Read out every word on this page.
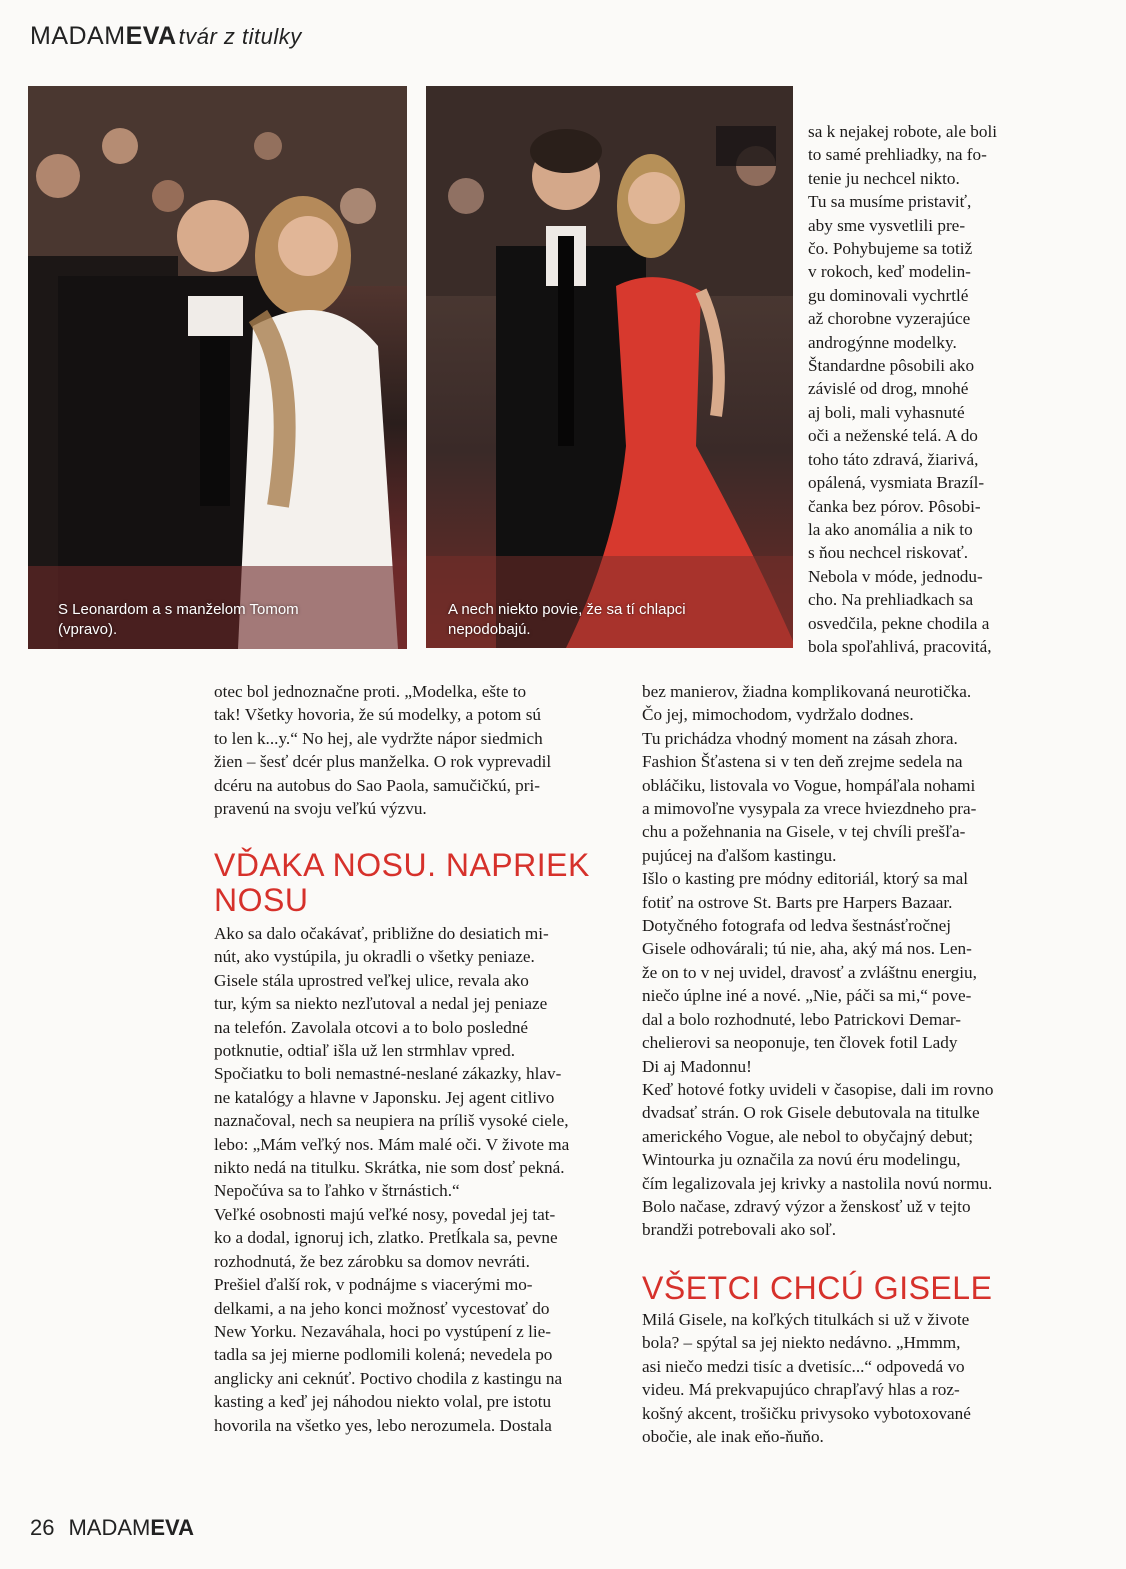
MADAMEVAtvár z titulky
S Leonardom a s manželom Tomom
(vpravo).
A nech niekto povie, že sa tí chlapci
nepodobajú.
sa k nejakej robote, ale boli
to samé prehliadky, na fo-
tenie ju nechcel nikto.
Tu sa musíme pristaviť,
aby sme vysvetlili pre-
čo. Pohybujeme sa totiž
v rokoch, keď modelin-
gu dominovali vychrtlé
až chorobne vyzerajúce
androgýnne modelky.
Štandardne pôsobili ako
závislé od drog, mnohé
aj boli, mali vyhasnuté
oči a neženské telá. A do
toho táto zdravá, žiarivá,
opálená, vysmiata Brazíl-
čanka bez pórov. Pôsobi-
la ako anomália a nik to
s ňou nechcel riskovať.
Nebola v móde, jednodu-
cho. Na prehliadkach sa
osvedčila, pekne chodila a
bola spoľahlivá, pracovitá,
otec bol jednoznačne proti. „Modelka, ešte to
tak! Všetky hovoria, že sú modelky, a potom sú
to len k...y.“ No hej, ale vydržte nápor siedmich
žien – šesť dcér plus manželka. O rok vyprevadil
dcéru na autobus do Sao Paola, samučičkú, pri-
pravenú na svoju veľkú výzvu.
VĎAKA NOSU. NAPRIEK
NOSU
Ako sa dalo očakávať, približne do desiatich mi-
nút, ako vystúpila, ju okradli o všetky peniaze.
Gisele stála uprostred veľkej ulice, revala ako
tur, kým sa niekto nezľutoval a nedal jej peniaze
na telefón. Zavolala otcovi a to bolo posledné
potknutie, odtiaľ išla už len strmhlav vpred.
Spočiatku to boli nemastné-neslané zákazky, hlav-
ne katalógy a hlavne v Japonsku. Jej agent citlivo
naznačoval, nech sa neupiera na príliš vysoké ciele,
lebo: „Mám veľký nos. Mám malé oči. V živote ma
nikto nedá na titulku. Skrátka, nie som dosť pekná.
Nepočúva sa to ľahko v štrnástich.“
Veľké osobnosti majú veľké nosy, povedal jej tat-
ko a dodal, ignoruj ich, zlatko. Pretĺkala sa, pevne
rozhodnutá, že bez zárobku sa domov nevráti.
Prešiel ďalší rok, v podnájme s viacerými mo-
delkami, a na jeho konci možnosť vycestovať do
New Yorku. Nezaváhala, hoci po vystúpení z lie-
tadla sa jej mierne podlomili kolená; nevedela po
anglicky ani ceknúť. Poctivo chodila z kastingu na
kasting a keď jej náhodou niekto volal, pre istotu
hovorila na všetko yes, lebo nerozumela. Dostala
bez manierov, žiadna komplikovaná neurotička.
Čo jej, mimochodom, vydržalo dodnes.
Tu prichádza vhodný moment na zásah zhora.
Fashion Šťastena si v ten deň zrejme sedela na
obláčiku, listovala vo Vogue, hompáľala nohami
a mimovoľne vysypala za vrece hviezdneho pra-
chu a požehnania na Gisele, v tej chvíli prešľa-
pujúcej na ďalšom kastingu.
Išlo o kasting pre módny editoriál, ktorý sa mal
fotiť na ostrove St. Barts pre Harpers Bazaar.
Dotyčného fotografa od ledva šestnásťročnej
Gisele odhovárali; tú nie, aha, aký má nos. Len-
že on to v nej uvidel, dravosť a zvláštnu energiu,
niečo úplne iné a nové. „Nie, páči sa mi,“ pove-
dal a bolo rozhodnuté, lebo Patrickovi Demar-
chelierovi sa neoponuje, ten človek fotil Lady
Di aj Madonnu!
Keď hotové fotky uvideli v časopise, dali im rovno
dvadsať strán. O rok Gisele debutovala na titulke
amerického Vogue, ale nebol to obyčajný debut;
Wintourka ju označila za novú éru modelingu,
čím legalizovala jej krivky a nastolila novú normu.
Bolo načase, zdravý výzor a ženskosť už v tejto
brandži potrebovali ako soľ.
VŠETCI CHCÚ GISELE
Milá Gisele, na koľkých titulkách si už v živote
bola? – spýtal sa jej niekto nedávno. „Hmmm,
asi niečo medzi tisíc a dvetisíc...“ odpovedá vo
videu. Má prekvapujúco chrapľavý hlas a roz-
košný akcent, trošičku privysoko vybotoxované
obočie, ale inak eňo-ňuňo.
26 MADAMEVA
